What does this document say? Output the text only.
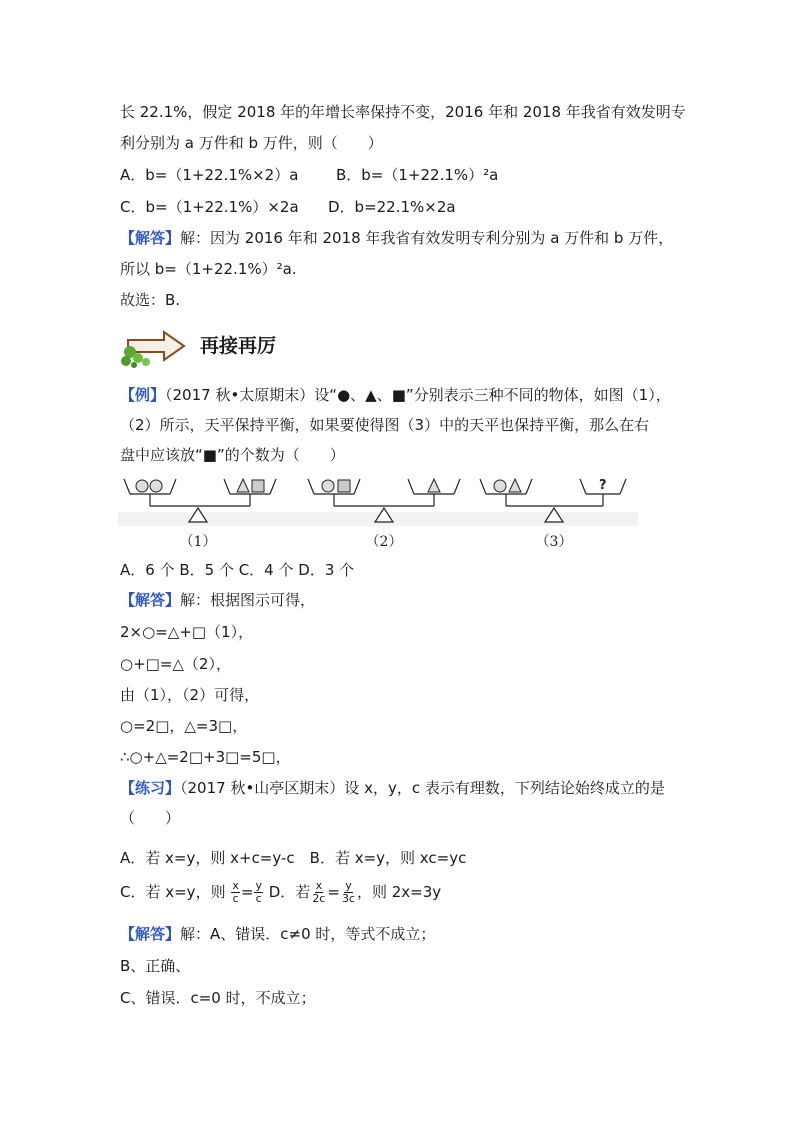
长 22.1%，假定 2018 年的年增长率保持不变，2016 年和 2018 年我省有效发明专
利分别为 a 万件和 b 万件，则（　　）
A．b=（1+22.1%×2）a	B．b=（1+22.1%）²a
C．b=（1+22.1%）×2a D．b=22.1%×2a
【解答】解：因为 2016 年和 2018 年我省有效发明专利分别为 a 万件和 b 万件，
所以 b=（1+22.1%）²a.
故选：B.
再接再厉
【例】（2017 秋•太原期末）设“●、▲、■”分别表示三种不同的物体，如图（1），
（2）所示，天平保持平衡，如果要使得图（3）中的天平也保持平衡，那么在右
盘中应该放“■”的个数为（　　）
?
（1）	（2）	（3）
A．6 个 B．5 个 C．4 个 D．3 个
【解答】解：根据图示可得，
2×○=△+□（1），
○+□=△（2），
由（1），（2）可得，
○=2□，△=3□，
∴○+△=2□+3□=5□，
【练习】（2017 秋•山亭区期末）设 x，y，c 表示有理数，下列结论始终成立的是
（　　）
A．若 x=y，则 x+c=y-c　B．若 x=y，则 xc=yc
C．若 x=y，则 $\frac{x}{c} = \frac{y}{c}$ D．若 $\frac{x}{2c} = \frac{y}{3c}$ ，则 2x=3y
【解答】解：A、错误．c≠0 时，等式不成立；
B、正确、
C、错误．c=0 时，不成立；
